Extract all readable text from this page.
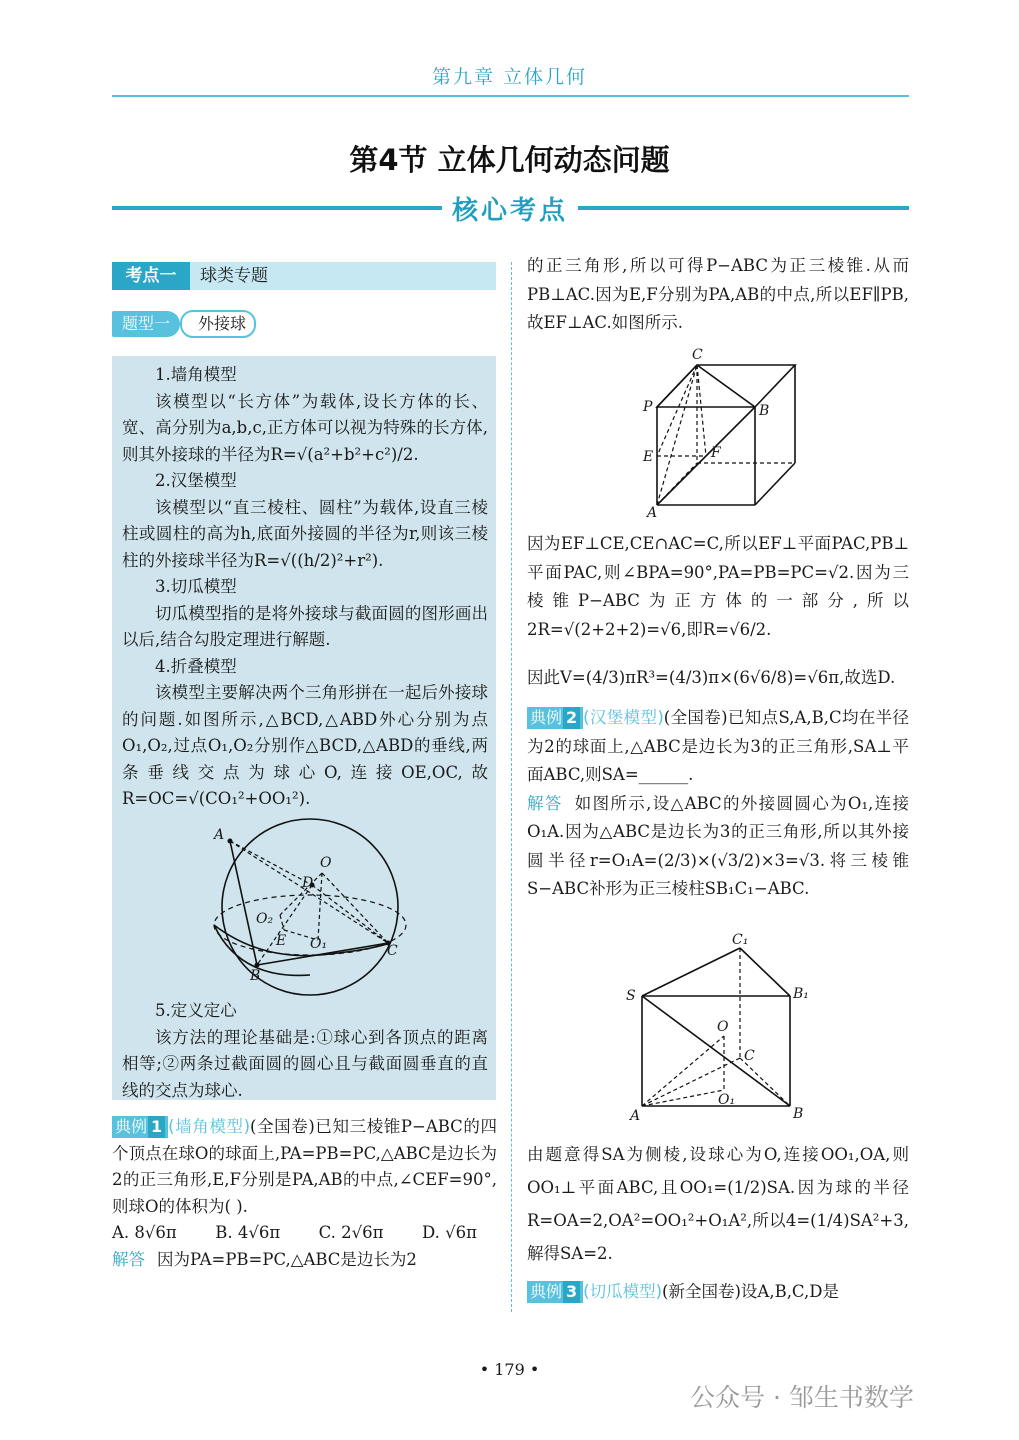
第九章 立体几何
第4节 立体几何动态问题
核心考点
考点一	球类专题
外接球
题型一
1.墙角模型
该模型以“长方体”为载体,设长方体的长、宽、高分别为a,b,c,正方体可以视为特殊的长方体,则其外接球的半径为R=√(a²+b²+c²)/2.
2.汉堡模型
该模型以“直三棱柱、圆柱”为载体,设直三棱柱或圆柱的高为h,底面外接圆的半径为r,则该三棱柱的外接球半径为R=√((h/2)²+r²).
3.切瓜模型
切瓜模型指的是将外接球与截面圆的图形画出以后,结合勾股定理进行解题.
4.折叠模型
该模型主要解决两个三角形拼在一起后外接球的问题.如图所示,△BCD,△ABD外心分别为点O₁,O₂,过点O₁,O₂分别作△BCD,△ABD的垂线,两条垂线交点为球心O,连接OE,OC,故R=OC=√(CO₁²+OO₁²).
A
O
D
O₂
E O₁	C
B
5.定义定心
该方法的理论基础是:①球心到各顶点的距离相等;②两条过截面圆的圆心且与截面圆垂直的直线的交点为球心.
典例 1 (墙角模型)(全国卷)已知三棱锥P−ABC的四个顶点在球O的球面上,PA=PB=PC,△ABC是边长为2的正三角形,E,F分别是PA,AB的中点,∠CEF=90°,则球O的体积为( ).
A. 8√6π B. 4√6π C. 2√6π D. √6π
解答 因为PA=PB=PC,△ABC是边长为2
的正三角形,所以可得P−ABC为正三棱锥.从而PB⊥AC.因为E,F分别为PA,AB的中点,所以EF∥PB,故EF⊥AC.如图所示.
C
P	B
E	F
A
因为EF⊥CE,CE∩AC=C,所以EF⊥平面PAC,PB⊥平面PAC,则∠BPA=90°,PA=PB=PC=√2.因为三棱锥P−ABC为正方体的一部分,所以2R=√(2+2+2)=√6,即R=√6/2.
因此V=(4/3)πR³=(4/3)π×(6√6/8)=√6π,故选D.
典例 2 (汉堡模型)(全国卷)已知点S,A,B,C均在半径为2的球面上,△ABC是边长为3的正三角形,SA⊥平面ABC,则SA=______.
解答 如图所示,设△ABC的外接圆圆心为O₁,连接O₁A.因为△ABC是边长为3的正三角形,所以其外接圆半径r=O₁A=(2/3)×(√3/2)×3=√3.将三棱锥S−ABC补形为正三棱柱SB₁C₁−ABC.
C₁
S	B₁
O
C
O₁
A	B
由题意得SA为侧棱,设球心为O,连接OO₁,OA,则OO₁⊥平面ABC,且OO₁=(1/2)SA.因为球的半径R=OA=2,OA²=OO₁²+O₁A²,所以4=(1/4)SA²+3,解得SA=2.
典例 3 (切瓜模型)(新全国卷)设A,B,C,D是
• 179 •
公众号 · 邹生书数学
